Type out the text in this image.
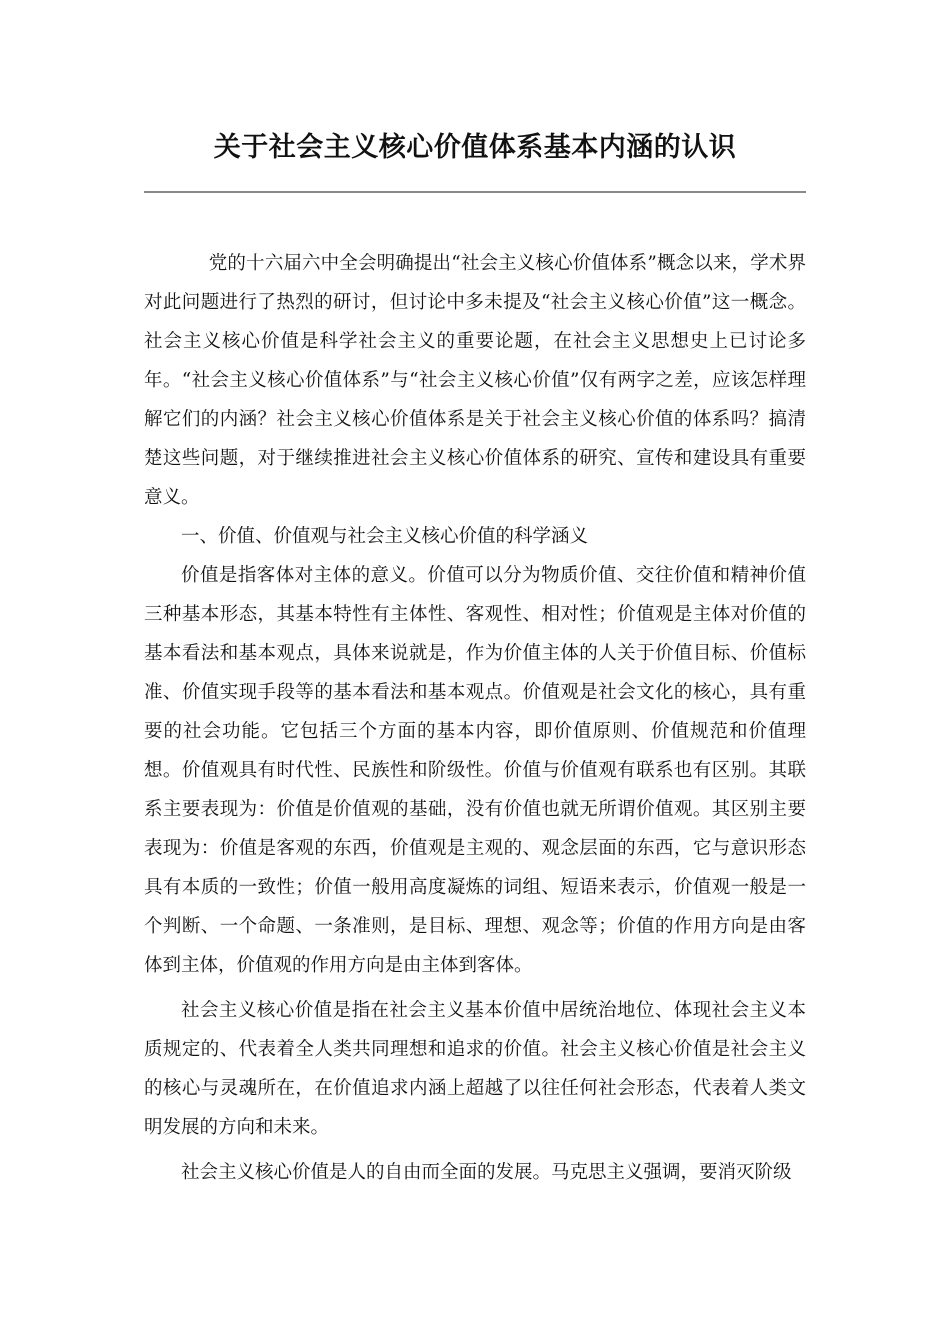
关于社会主义核心价值体系基本内涵的认识

党的十六届六中全会明确提出“社会主义核心价值体系”概念以来，学术界对此问题进行了热烈的研讨，但讨论中多未提及“社会主义核心价值”这一概念。社会主义核心价值是科学社会主义的重要论题，在社会主义思想史上已讨论多年。“社会主义核心价值体系”与“社会主义核心价值”仅有两字之差，应该怎样理解它们的内涵？社会主义核心价值体系是关于社会主义核心价值的体系吗？搞清楚这些问题，对于继续推进社会主义核心价值体系的研究、宣传和建设具有重要意义。

一、价值、价值观与社会主义核心价值的科学涵义

价值是指客体对主体的意义。价值可以分为物质价值、交往价值和精神价值三种基本形态，其基本特性有主体性、客观性、相对性；价值观是主体对价值的基本看法和基本观点，具体来说就是，作为价值主体的人关于价值目标、价值标准、价值实现手段等的基本看法和基本观点。价值观是社会文化的核心，具有重要的社会功能。它包括三个方面的基本内容，即价值原则、价值规范和价值理想。价值观具有时代性、民族性和阶级性。价值与价值观有联系也有区别。其联系主要表现为：价值是价值观的基础，没有价值也就无所谓价值观。其区别主要表现为：价值是客观的东西，价值观是主观的、观念层面的东西，它与意识形态具有本质的一致性；价值一般用高度凝炼的词组、短语来表示，价值观一般是一个判断、一个命题、一条准则，是目标、理想、观念等；价值的作用方向是由客体到主体，价值观的作用方向是由主体到客体。

社会主义核心价值是指在社会主义基本价值中居统治地位、体现社会主义本质规定的、代表着全人类共同理想和追求的价值。社会主义核心价值是社会主义的核心与灵魂所在，在价值追求内涵上超越了以往任何社会形态，代表着人类文明发展的方向和未来。

社会主义核心价值是人的自由而全面的发展。马克思主义强调，要消灭阶级
